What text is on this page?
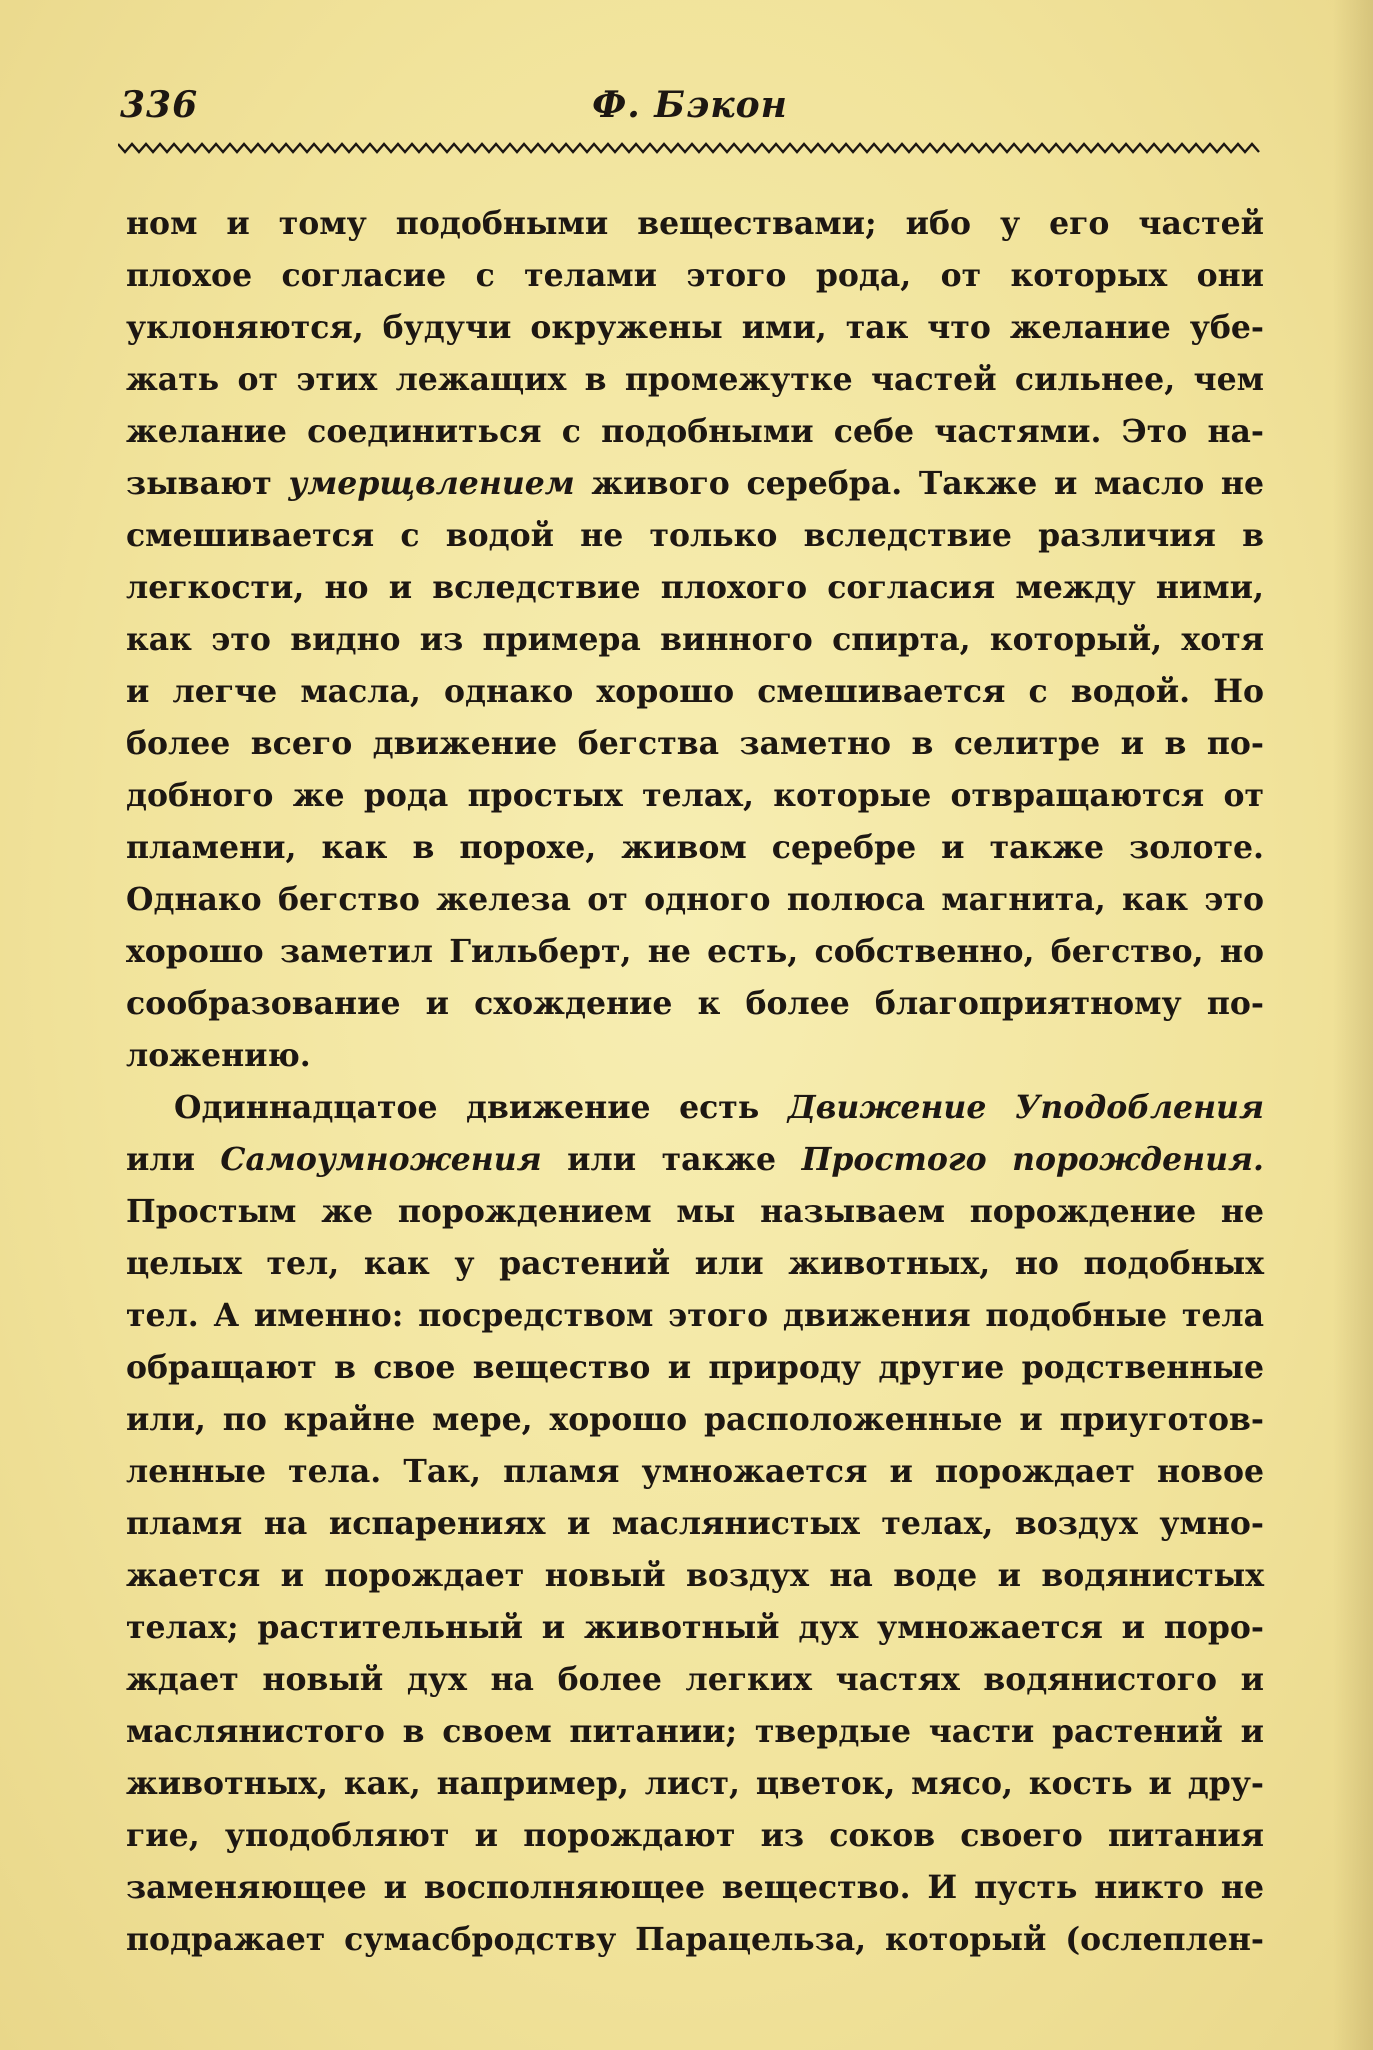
336	Ф. Бэкон
ном и тому подобными веществами; ибо у его частей
плохое согласие с телами этого рода, от которых они
уклоняются, будучи окружены ими, так что желание убе-
жать от этих лежащих в промежутке частей сильнее, чем
желание соединиться с подобными себе частями. Это на-
зывают умерщвлением живого серебра. Также и масло не
смешивается с водой не только вследствие различия в
легкости, но и вследствие плохого согласия между ними,
как это видно из примера винного спирта, который, хотя
и легче масла, однако хорошо смешивается с водой. Но
более всего движение бегства заметно в селитре и в по-
добного же рода простых телах, которые отвращаются от
пламени, как в порохе, живом серебре и также золоте.
Однако бегство железа от одного полюса магнита, как это
хорошо заметил Гильберт, не есть, собственно, бегство, но
сообразование и схождение к более благоприятному по-
ложению.
Одиннадцатое движение есть Движение Уподобления
или Самоумножения или также Простого порождения.
Простым же порождением мы называем порождение не
целых тел, как у растений или животных, но подобных
тел. А именно: посредством этого движения подобные тела
обращают в свое вещество и природу другие родственные
или, по крайне мере, хорошо расположенные и приуготов-
ленные тела. Так, пламя умножается и порождает новое
пламя на испарениях и маслянистых телах, воздух умно-
жается и порождает новый воздух на воде и водянистых
телах; растительный и животный дух умножается и поро-
ждает новый дух на более легких частях водянистого и
маслянистого в своем питании; твердые части растений и
животных, как, например, лист, цветок, мясо, кость и дру-
гие, уподобляют и порождают из соков своего питания
заменяющее и восполняющее вещество. И пусть никто не
подражает сумасбродству Парацельза, который (ослеплен-
